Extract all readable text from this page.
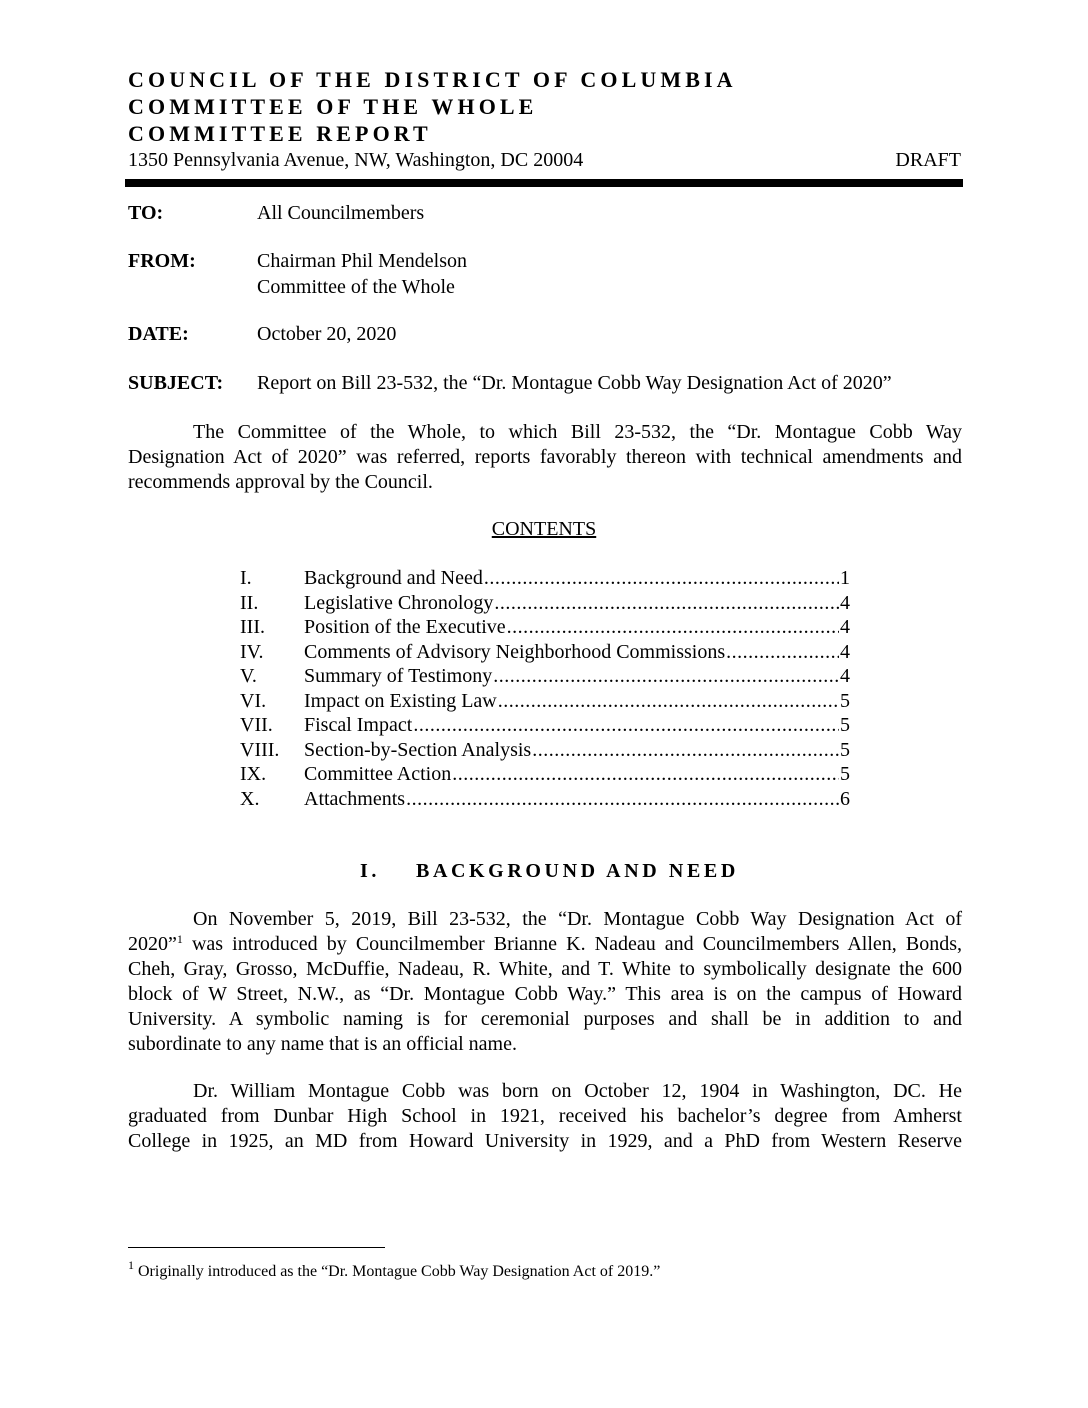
COUNCIL OF THE DISTRICT OF COLUMBIA
COMMITTEE OF THE WHOLE
COMMITTEE REPORT
1350 Pennsylvania Avenue, NW, Washington, DC 20004	DRAFT
TO:	All Councilmembers
FROM:	Chairman Phil Mendelson
Committee of the Whole
DATE:	October 20, 2020
SUBJECT: Report on Bill 23-532, the “Dr. Montague Cobb Way Designation Act of 2020”
The Committee of the Whole, to which Bill 23-532, the “Dr. Montague Cobb Way
Designation Act of 2020” was referred, reports favorably thereon with technical amendments and
recommends approval by the Council.
CONTENTS
I.	Background and Need .....	1
II. Legislative Chronology .....	4
III. Position of the Executive .....	4
IV. Comments of Advisory Neighborhood Commissions .....	4
V. Summary of Testimony .....	4
VI. Impact on Existing Law .....	5
VII. Fiscal Impact .....	5
VIII. Section-by-Section Analysis .....	5
IX. Committee Action .....	5
X. Attachments .....	6
I. BACKGROUND AND NEED
On November 5, 2019, Bill 23-532, the “Dr. Montague Cobb Way Designation Act of
2020”$^1$ was introduced by Councilmember Brianne K. Nadeau and Councilmembers Allen, Bonds,
Cheh, Gray, Grosso, McDuffie, Nadeau, R. White, and T. White to symbolically designate the 600
block of W Street, N.W., as “Dr. Montague Cobb Way.” This area is on the campus of Howard
University. A symbolic naming is for ceremonial purposes and shall be in addition to and
subordinate to any name that is an official name.
Dr. William Montague Cobb was born on October 12, 1904 in Washington, DC. He
graduated from Dunbar High School in 1921, received his bachelor’s degree from Amherst
College in 1925, an MD from Howard University in 1929, and a PhD from Western Reserve
$^1$ Originally introduced as the “Dr. Montague Cobb Way Designation Act of 2019.”
